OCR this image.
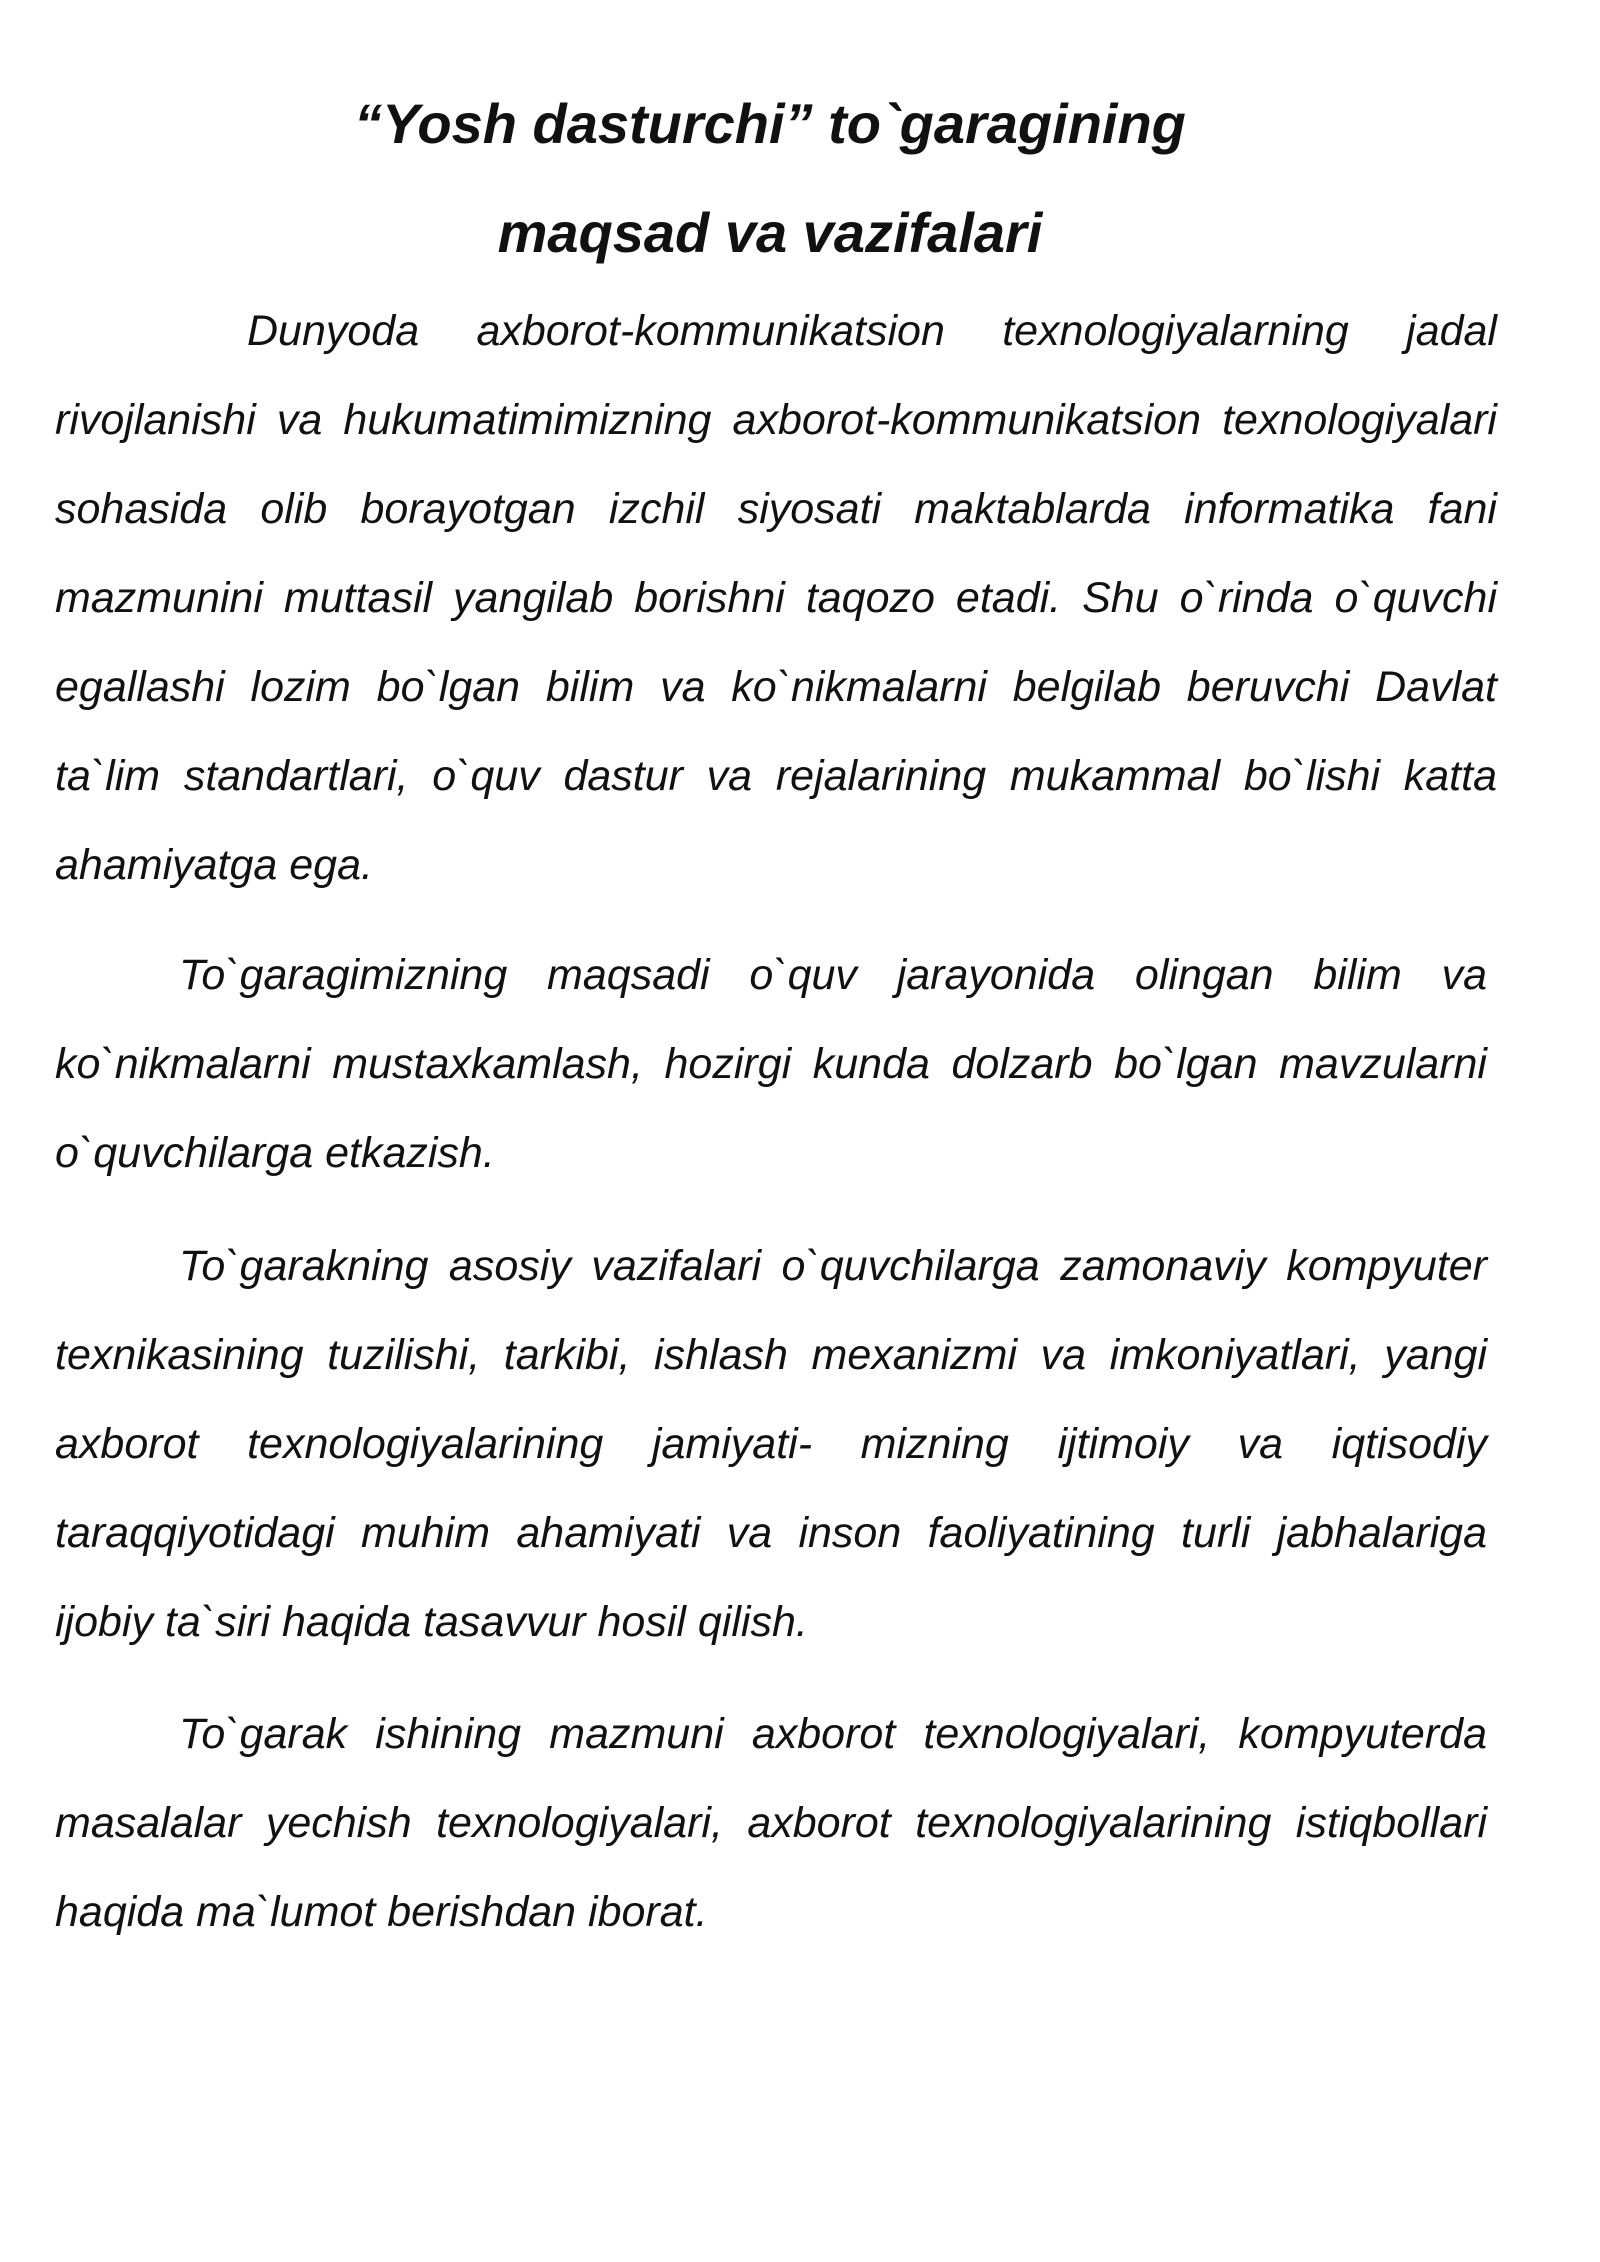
“Yosh dasturchi” to`garagining
maqsad va vazifalari

Dunyoda axborot-kommunikatsion texnologiyalarning jadal rivojlanishi va hukumatimimizning axborot-kommunikatsion texnologiyalari sohasida olib borayotgan izchil siyosati maktablarda informatika fani mazmunini muttasil yangilab borishni taqozo etadi. Shu o`rinda o`quvchi egallashi lozim bo`lgan bilim va ko`nikmalarni belgilab beruvchi Davlat ta`lim standartlari, o`quv dastur va rejalarining mukammal bo`lishi katta ahamiyatga ega.

To`garagimizning maqsadi o`quv jarayonida olingan bilim va ko`nikmalarni mustaxkamlash, hozirgi kunda dolzarb bo`lgan mavzularni o`quvchilarga etkazish.

To`garakning asosiy vazifalari o`quvchilarga zamonaviy kompyuter texnikasining tuzilishi, tarkibi, ishlash mexanizmi va imkoniyatlari, yangi axborot texnologiyalarining jamiyati- mizning ijtimoiy va iqtisodiy taraqqiyotidagi muhim ahamiyati va inson faoliyatining turli jabhalariga ijobiy ta`siri haqida tasavvur hosil qilish.

To`garak ishining mazmuni axborot texnologiyalari, kompyuterda masalalar yechish texnologiyalari, axborot texnologiyalarining istiqbollari haqida ma`lumot berishdan iborat.
